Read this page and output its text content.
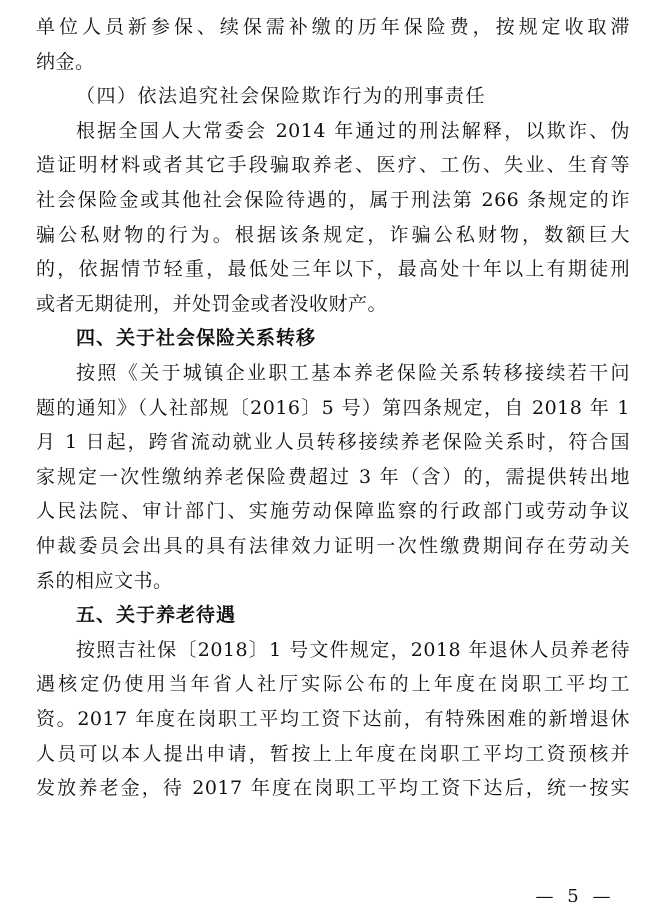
单位人员新参保、续保需补缴的历年保险费，按规定收取滞
纳金。
（四）依法追究社会保险欺诈行为的刑事责任
根据全国人大常委会 2014 年通过的刑法解释，以欺诈、伪
造证明材料或者其它手段骗取养老、医疗、工伤、失业、生育等
社会保险金或其他社会保险待遇的，属于刑法第 266 条规定的诈
骗公私财物的行为。根据该条规定，诈骗公私财物，数额巨大
的，依据情节轻重，最低处三年以下，最高处十年以上有期徒刑
或者无期徒刑，并处罚金或者没收财产。
四、关于社会保险关系转移
按照《关于城镇企业职工基本养老保险关系转移接续若干问
题的通知》（人社部规〔2016〕5 号）第四条规定，自 2018 年 1
月 1 日起，跨省流动就业人员转移接续养老保险关系时，符合国
家规定一次性缴纳养老保险费超过 3 年（含）的，需提供转出地
人民法院、审计部门、实施劳动保障监察的行政部门或劳动争议
仲裁委员会出具的具有法律效力证明一次性缴费期间存在劳动关
系的相应文书。
五、关于养老待遇
按照吉社保〔2018〕1 号文件规定，2018 年退休人员养老待
遇核定仍使用当年省人社厅实际公布的上年度在岗职工平均工
资。2017 年度在岗职工平均工资下达前，有特殊困难的新增退休
人员可以本人提出申请，暂按上上年度在岗职工平均工资预核并
发放养老金，待 2017 年度在岗职工平均工资下达后，统一按实
— 5 —
